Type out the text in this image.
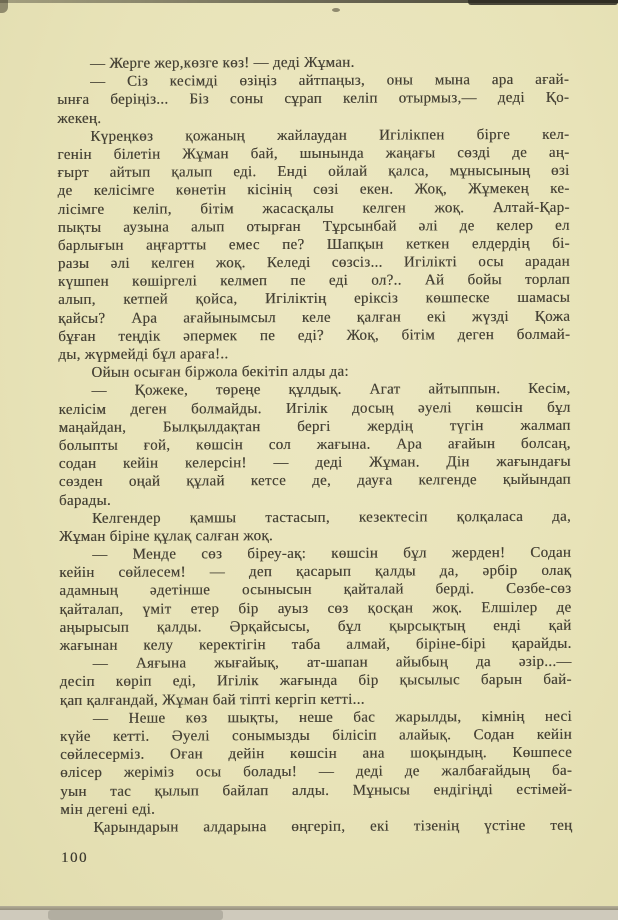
— Жерге жер,көзге көз! — деді Жұман.
— Сіз кесімді өзіңіз айтпаңыз, оны мына ара ағай-
ынға беріңіз... Біз соны сұрап келіп отырмыз,— деді Қо-
жекең.
Күреңкөз қожаның жайлаудан Игілікпен бірге кел-
генін білетін Жұман бай, шынында жаңағы сөзді де аң-
ғырт айтып қалып еді. Енді ойлай қалса, мұнысының өзі
де келісімге көнетін кісінің сөзі екен. Жоқ, Жұмекең ке-
лісімге келіп, бітім жасасқалы келген жоқ. Алтай-Қар-
пықты аузына алып отырған Тұрсынбай әлі де келер ел
барлығын аңғартты емес пе? Шапқын кеткен елдердің бі-
разы әлі келген жоқ. Келеді сөзсіз... Игілікті осы арадан
күшпен көшіргелі келмеп пе еді ол?.. Ай бойы торлап
алып, кетпей қойса, Игіліктің еріксіз көшпеске шамасы
қайсы? Ара ағайынымсыл келе қалған екі жүзді Қожа
бұған теңдік әпермек пе еді? Жоқ, бітім деген болмай-
ды, жүрмейді бұл араға!..
Ойын осыған біржола бекітіп алды да:
— Қожеке, төреңе құлдық. Агат айтыппын. Кесім,
келісім деген болмайды. Игілік досың әуелі көшсін бұл
маңайдан, Былқылдақтан бергі жердің түгін жалмап
болыпты ғой, көшсін сол жағына. Ара ағайын болсаң,
содан кейін келерсін! — деді Жұман. Дін жағындағы
сөзден оңай құлай кетсе де, дауға келгенде қыйындап
барады.
Келгендер қамшы тастасып, кезектесіп қолқаласа да,
Жұман біріне құлақ салған жоқ.
— Менде сөз біреу-ақ: көшсін бұл жерден! Содан
кейін сөйлесем! — деп қасарып қалды да, әрбір олақ
адамның әдетінше осынысын қайталай берді. Сөзбе-сөз
қайталап, үміт етер бір ауыз сөз қосқан жоқ. Елшілер де
аңырысып қалды. Әрқайсысы, бұл қырсықтың енді қай
жағынан келу керектігін таба алмай, біріне-бірі қарайды.
— Аяғына жығайық, ат-шапан айыбың да әзір...—
десіп көріп еді, Игілік жағында бір қысылыс барын бай-
қап қалғандай, Жұман бай тіпті кергіп кетті...
— Неше көз шықты, неше бас жарылды, кімнің несі
күйе кетті. Әуелі сонымызды білісіп алайық. Содан кейін
сөйлесерміз. Оған дейін көшсін ана шоқындың. Көшпесе
өлісер жеріміз осы болады! — деді де жалбағайдың ба-
уын тас қылып байлап алды. Мұнысы ендігіңді естімей-
мін дегені еді.
Қарындарын алдарына өңгеріп, екі тізенің үстіне тең
100
